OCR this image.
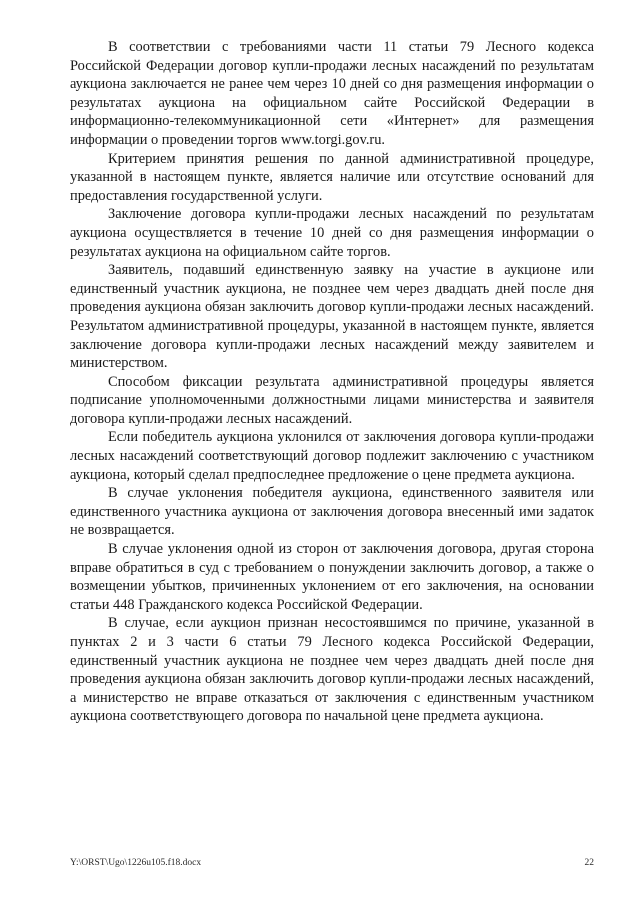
В соответствии с требованиями части 11 статьи 79 Лесного кодекса Российской Федерации договор купли-продажи лесных насаждений по результатам аукциона заключается не ранее чем через 10 дней со дня размещения информации о результатах аукциона на официальном сайте Российской Федерации в информационно-телекоммуникационной сети «Интернет» для размещения информации о проведении торгов www.torgi.gov.ru.

Критерием принятия решения по данной административной процедуре, указанной в настоящем пункте, является наличие или отсутствие оснований для предоставления государственной услуги.

Заключение договора купли-продажи лесных насаждений по результатам аукциона осуществляется в течение 10 дней со дня размещения информации о результатах аукциона на официальном сайте торгов.

Заявитель, подавший единственную заявку на участие в аукционе или единственный участник аукциона, не позднее чем через двадцать дней после дня проведения аукциона обязан заключить договор купли-продажи лесных насаждений. Результатом административной процедуры, указанной в настоящем пункте, является заключение договора купли-продажи лесных насаждений между заявителем и министерством.

Способом фиксации результата административной процедуры является подписание уполномоченными должностными лицами министерства и заявителя договора купли-продажи лесных насаждений.

Если победитель аукциона уклонился от заключения договора купли-продажи лесных насаждений соответствующий договор подлежит заключению с участником аукциона, который сделал предпоследнее предложение о цене предмета аукциона.

В случае уклонения победителя аукциона, единственного заявителя или единственного участника аукциона от заключения договора внесенный ими задаток не возвращается.

В случае уклонения одной из сторон от заключения договора, другая сторона вправе обратиться в суд с требованием о понуждении заключить договор, а также о возмещении убытков, причиненных уклонением от его заключения, на основании статьи 448 Гражданского кодекса Российской Федерации.

В случае, если аукцион признан несостоявшимся по причине, указанной в пунктах 2 и 3 части 6 статьи 79 Лесного кодекса Российской Федерации, единственный участник аукциона не позднее чем через двадцать дней после дня проведения аукциона обязан заключить договор купли-продажи лесных насаждений, а министерство не вправе отказаться от заключения с единственным участником аукциона соответствующего договора по начальной цене предмета аукциона.

Y:\ORST\Ugo\1226u105.f18.docx	22
